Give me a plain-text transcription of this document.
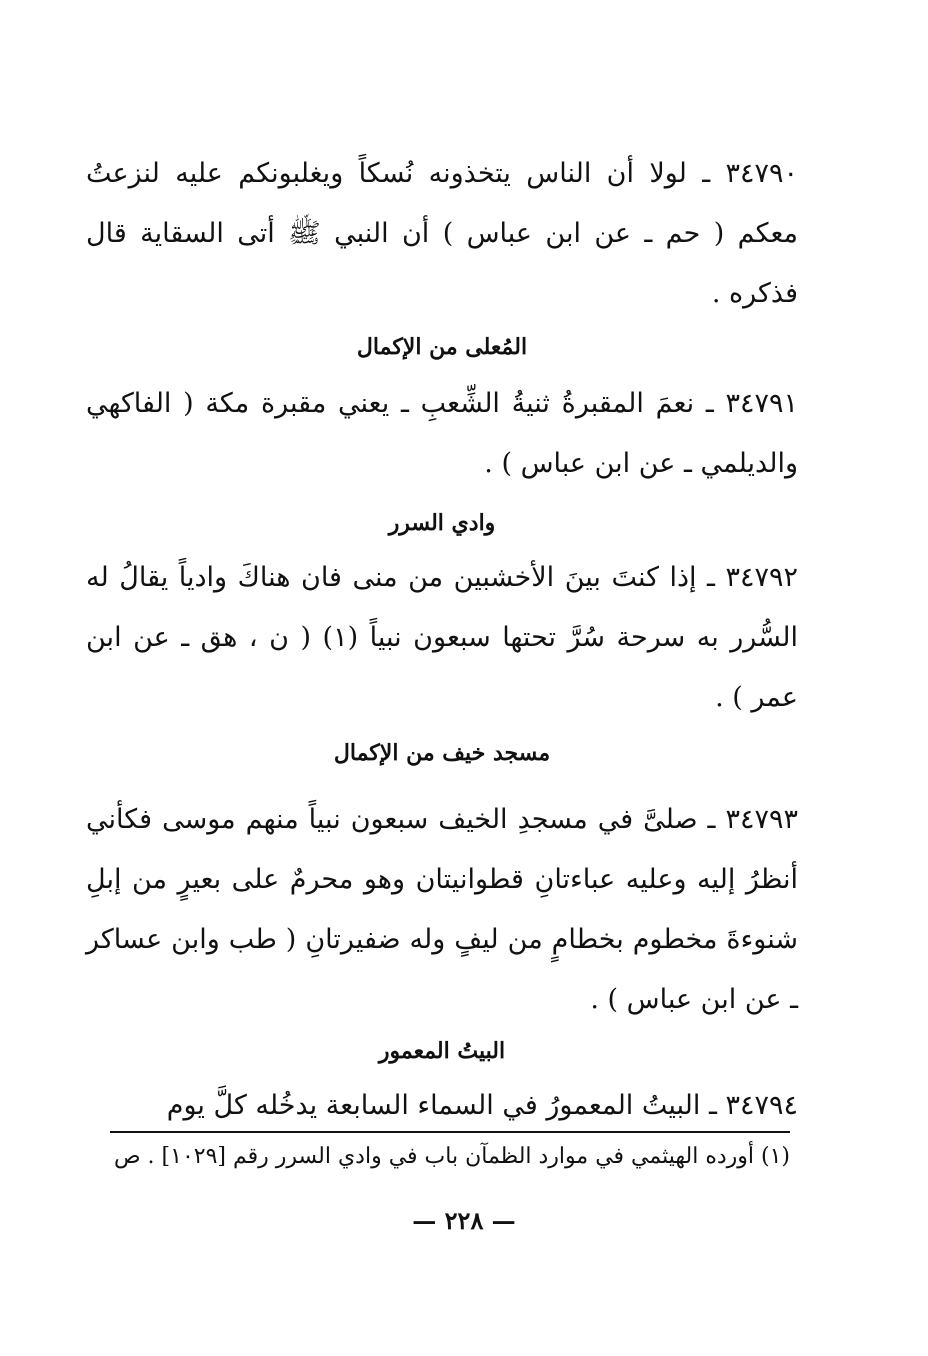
٣٤٧٩٠ ـ لولا أن الناس يتخذونه نُسكاً ويغلبونكم عليه لنزعتُ معكم ( حم ـ عن ابن عباس ) أن النبي ﷺ أتى السقاية قال فذكره .
المُعلى من الإكمال
٣٤٧٩١ ـ نعمَ المقبرةُ ثنيةُ الشِّعبِ ـ يعني مقبرة مكة ( الفاكهي والديلمي ـ عن ابن عباس ) .
وادي السرر
٣٤٧٩٢ ـ إذا كنتَ بينَ الأخشبين من منى فان هناكَ وادياً يقالُ له السُّرر به سرحة سُرَّ تحتها سبعون نبياً (١) ( ن ، هق ـ عن ابن عمر ) .
مسجد خيف من الإكمال
٣٤٧٩٣ ـ صلىَّ في مسجدِ الخيف سبعون نبياً منهم موسى فكأني أنظرُ إليه وعليه عباءتانِ قطوانيتان وهو محرمٌ على بعيرٍ من إبلِ شنوءةَ مخطوم بخطامٍ من ليفٍ وله ضفيرتانِ ( طب وابن عساكر ـ عن ابن عباس ) .
البيتُ المعمور
٣٤٧٩٤ ـ البيتُ المعمورُ في السماء السابعة يدخُله كلَّ يوم
(١) أورده الهيثمي في موارد الظمآن باب في وادي السرر رقم [١٠٢٩] . ص
— ٢٢٨ —
